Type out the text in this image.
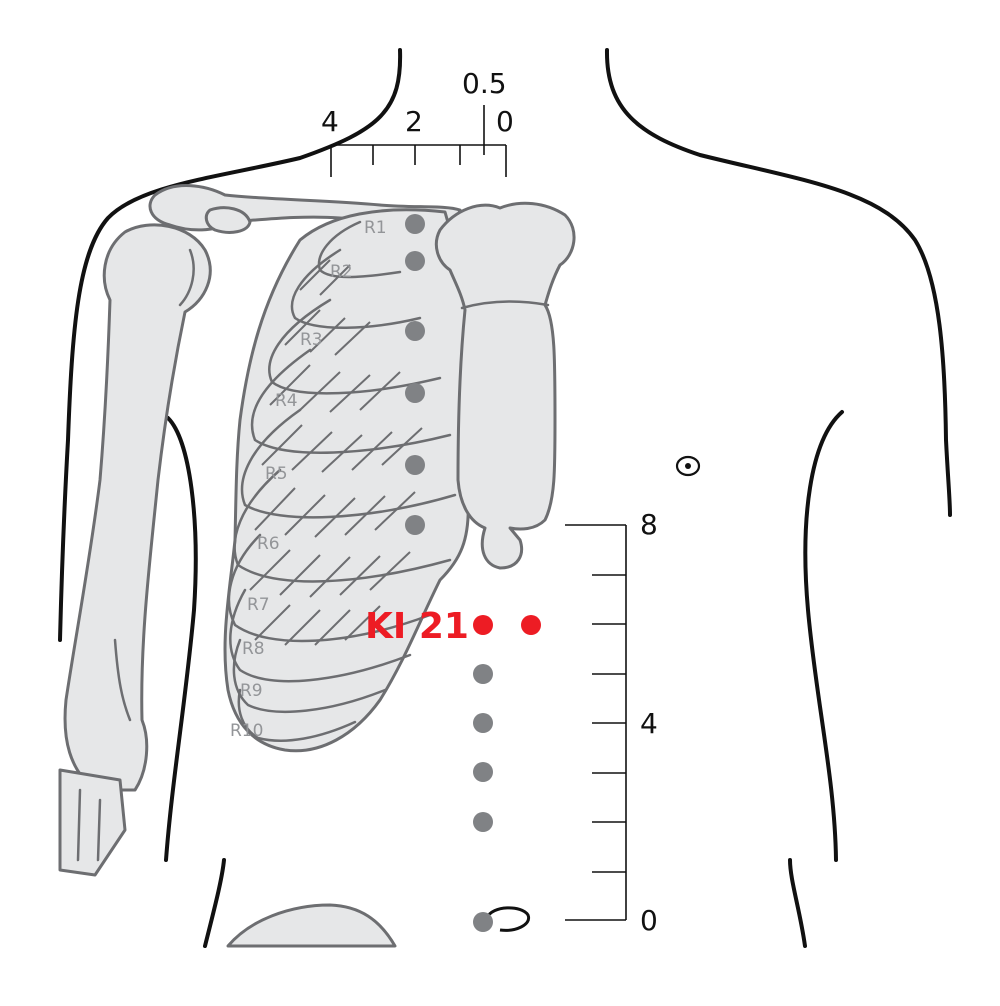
R1
R2
R3
R4
R5
R6
R7
R8
R9
R10
4 2
0.5
0
8
4
0
KI 21
